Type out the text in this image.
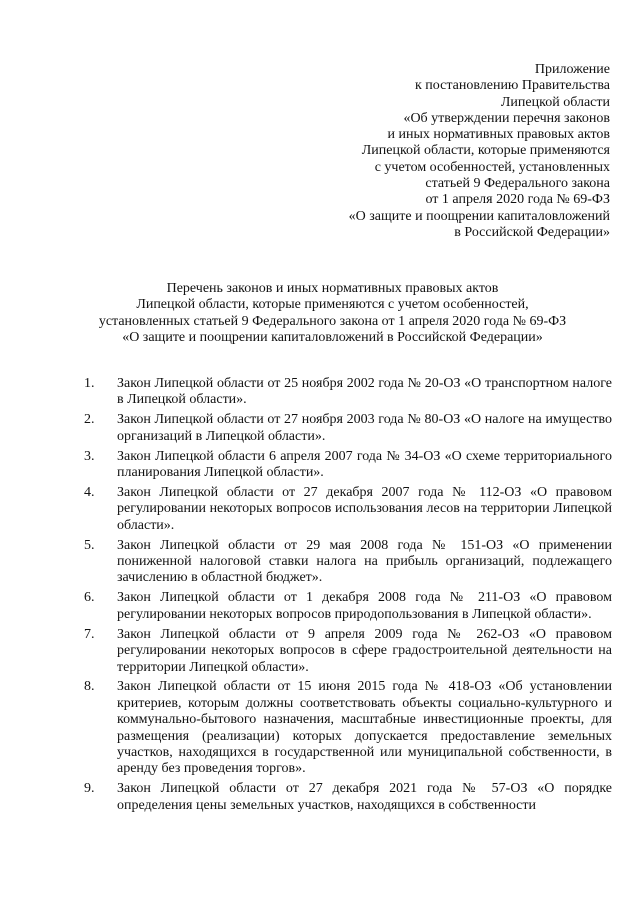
Приложение
к постановлению Правительства
Липецкой области
«Об утверждении перечня законов
и иных нормативных правовых актов
Липецкой области, которые применяются
с учетом особенностей, установленных
статьей 9 Федерального закона
от 1 апреля 2020 года № 69-ФЗ
«О защите и поощрении капиталовложений
в Российской Федерации»
Перечень законов и иных нормативных правовых актов
Липецкой области, которые применяются с учетом особенностей,
установленных статьей 9 Федерального закона от 1 апреля 2020 года № 69-ФЗ
«О защите и поощрении капиталовложений в Российской Федерации»
1. Закон Липецкой области от 25 ноября 2002 года № 20-ОЗ «О транспортном налоге в Липецкой области».
2. Закон Липецкой области от 27 ноября 2003 года № 80-ОЗ «О налоге на имущество организаций в Липецкой области».
3. Закон Липецкой области 6 апреля 2007 года № 34-ОЗ «О схеме территориального планирования Липецкой области».
4. Закон Липецкой области от 27 декабря 2007 года № 112-ОЗ «О правовом регулировании некоторых вопросов использования лесов на территории Липецкой области».
5. Закон Липецкой области от 29 мая 2008 года № 151-ОЗ «О применении пониженной налоговой ставки налога на прибыль организаций, подлежащего зачислению в областной бюджет».
6. Закон Липецкой области от 1 декабря 2008 года № 211-ОЗ «О правовом регулировании некоторых вопросов природопользования в Липецкой области».
7. Закон Липецкой области от 9 апреля 2009 года № 262-ОЗ «О правовом регулировании некоторых вопросов в сфере градостроительной деятельности на территории Липецкой области».
8. Закон Липецкой области от 15 июня 2015 года № 418-ОЗ «Об установлении критериев, которым должны соответствовать объекты социально-культурного и коммунально-бытового назначения, масштабные инвестиционные проекты, для размещения (реализации) которых допускается предоставление земельных участков, находящихся в государственной или муниципальной собственности, в аренду без проведения торгов».
9. Закон Липецкой области от 27 декабря 2021 года № 57-ОЗ «О порядке определения цены земельных участков, находящихся в собственности
